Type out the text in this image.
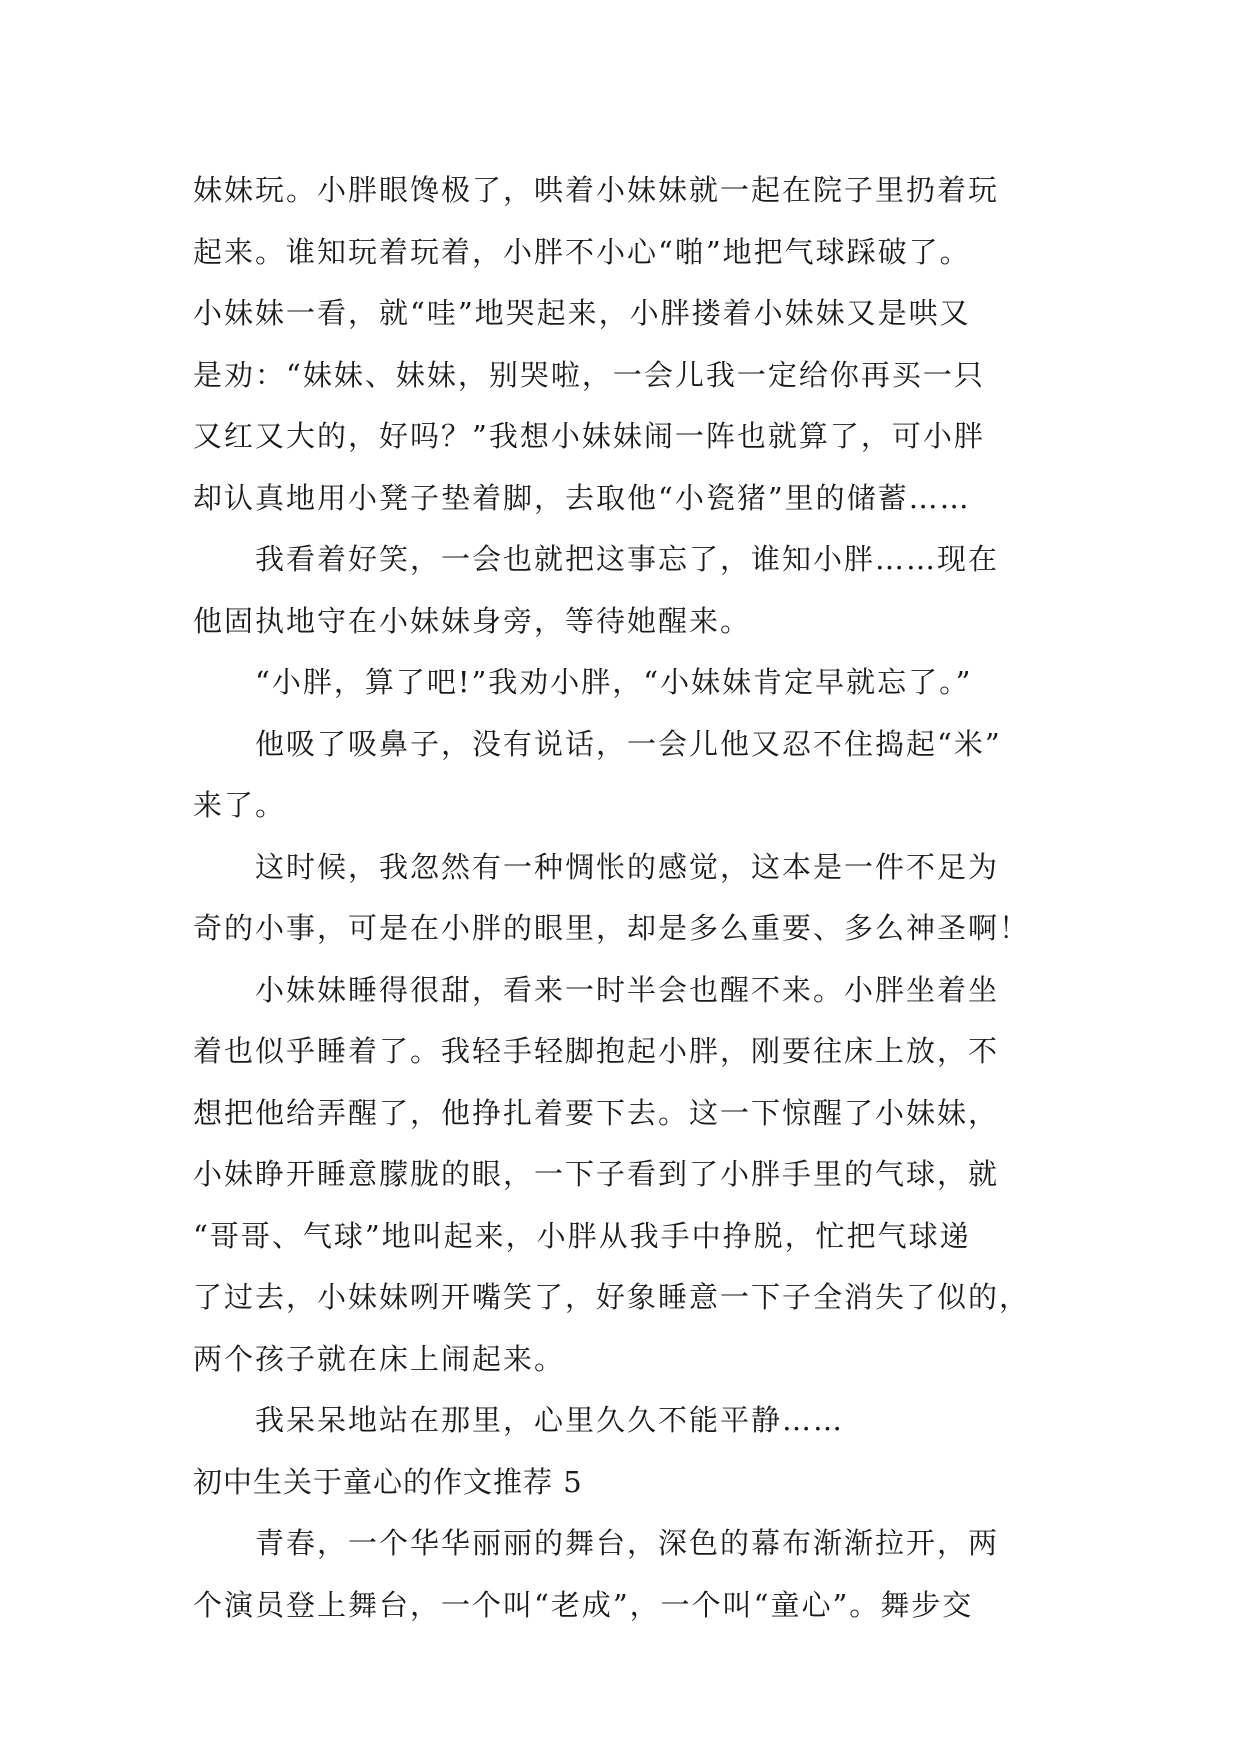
妹妹玩。小胖眼馋极了，哄着小妹妹就一起在院子里扔着玩
起来。谁知玩着玩着，小胖不小心“啪”地把气球踩破了。
小妹妹一看，就“哇”地哭起来，小胖搂着小妹妹又是哄又
是劝：“妹妹、妹妹，别哭啦，一会儿我一定给你再买一只
又红又大的，好吗？”我想小妹妹闹一阵也就算了，可小胖
却认真地用小凳子垫着脚，去取他“小瓷猪”里的储蓄……
我看着好笑，一会也就把这事忘了，谁知小胖……现在
他固执地守在小妹妹身旁，等待她醒来。
“小胖，算了吧!”我劝小胖，“小妹妹肯定早就忘了。”
他吸了吸鼻子，没有说话，一会儿他又忍不住捣起“米”
来了。
这时候，我忽然有一种惆怅的感觉，这本是一件不足为
奇的小事，可是在小胖的眼里，却是多么重要、多么神圣啊！
小妹妹睡得很甜，看来一时半会也醒不来。小胖坐着坐
着也似乎睡着了。我轻手轻脚抱起小胖，刚要往床上放，不
想把他给弄醒了，他挣扎着要下去。这一下惊醒了小妹妹，
小妹睁开睡意朦胧的眼，一下子看到了小胖手里的气球，就
“哥哥、气球”地叫起来，小胖从我手中挣脱，忙把气球递
了过去，小妹妹咧开嘴笑了，好象睡意一下子全消失了似的，
两个孩子就在床上闹起来。
我呆呆地站在那里，心里久久不能平静……
初中生关于童心的作文推荐 5
青春，一个华华丽丽的舞台，深色的幕布渐渐拉开，两
个演员登上舞台，一个叫“老成”，一个叫“童心”。舞步交
